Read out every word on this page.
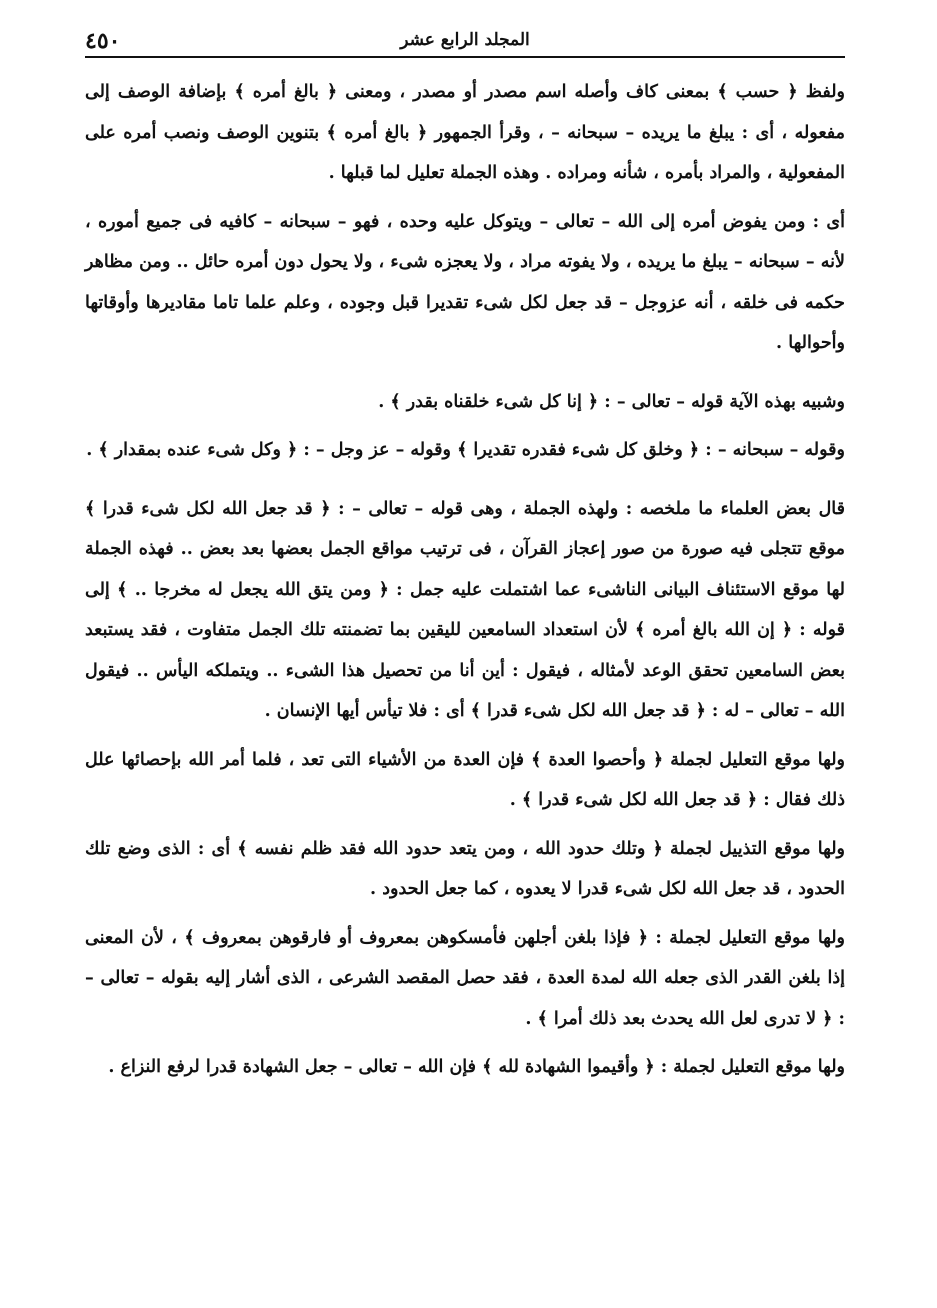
المجلد الرابع عشر
٤٥٠

ولفظ ﴿ حسب ﴾ بمعنى كاف وأصله اسم مصدر أو مصدر ، ومعنى ﴿ بالغ أمره ﴾ بإضافة الوصف إلى مفعوله ، أى : يبلغ ما يريده – سبحانه – ، وقرأ الجمهور ﴿ بالغ أمره ﴾ بتنوين الوصف ونصب أمره على المفعولية ، والمراد بأمره ، شأنه ومراده . وهذه الجملة تعليل لما قبلها .

أى : ومن يفوض أمره إلى الله – تعالى – ويتوكل عليه وحده ، فهو – سبحانه – كافيه فى جميع أموره ، لأنه – سبحانه – يبلغ ما يريده ، ولا يفوته مراد ، ولا يعجزه شىء ، ولا يحول دون أمره حائل .. ومن مظاهر حكمه فى خلقه ، أنه عزوجل – قد جعل لكل شىء تقديرا قبل وجوده ، وعلم علما تاما مقاديرها وأوقاتها وأحوالها .

وشبيه بهذه الآية قوله – تعالى – : ﴿ إنا كل شىء خلقناه بقدر ﴾ .

وقوله – سبحانه – : ﴿ وخلق كل شىء فقدره تقديرا ﴾ وقوله – عز وجل – : ﴿ وكل شىء عنده بمقدار ﴾ .

قال بعض العلماء ما ملخصه : ولهذه الجملة ، وهى قوله – تعالى – : ﴿ قد جعل الله لكل شىء قدرا ﴾ موقع تتجلى فيه صورة من صور إعجاز القرآن ، فى ترتيب مواقع الجمل بعضها بعد بعض .. فهذه الجملة لها موقع الاستئناف البيانى الناشىء عما اشتملت عليه جمل : ﴿ ومن يتق الله يجعل له مخرجا .. ﴾ إلى قوله : ﴿ إن الله بالغ أمره ﴾ لأن استعداد السامعين لليقين بما تضمنته تلك الجمل متفاوت ، فقد يستبعد بعض السامعين تحقق الوعد لأمثاله ، فيقول : أين أنا من تحصيل هذا الشىء .. ويتملكه اليأس .. فيقول الله – تعالى – له : ﴿ قد جعل الله لكل شىء قدرا ﴾ أى : فلا تيأس أيها الإنسان .

ولها موقع التعليل لجملة ﴿ وأحصوا العدة ﴾ فإن العدة من الأشياء التى تعد ، فلما أمر الله بإحصائها علل ذلك فقال : ﴿ قد جعل الله لكل شىء قدرا ﴾ .

ولها موقع التذييل لجملة ﴿ وتلك حدود الله ، ومن يتعد حدود الله فقد ظلم نفسه ﴾ أى : الذى وضع تلك الحدود ، قد جعل الله لكل شىء قدرا لا يعدوه ، كما جعل الحدود .

ولها موقع التعليل لجملة : ﴿ فإذا بلغن أجلهن فأمسكوهن بمعروف أو فارقوهن بمعروف ﴾ ، لأن المعنى إذا بلغن القدر الذى جعله الله لمدة العدة ، فقد حصل المقصد الشرعى ، الذى أشار إليه بقوله – تعالى – : ﴿ لا تدرى لعل الله يحدث بعد ذلك أمرا ﴾ .

ولها موقع التعليل لجملة : ﴿ وأقيموا الشهادة لله ﴾ فإن الله – تعالى – جعل الشهادة قدرا لرفع النزاع .
